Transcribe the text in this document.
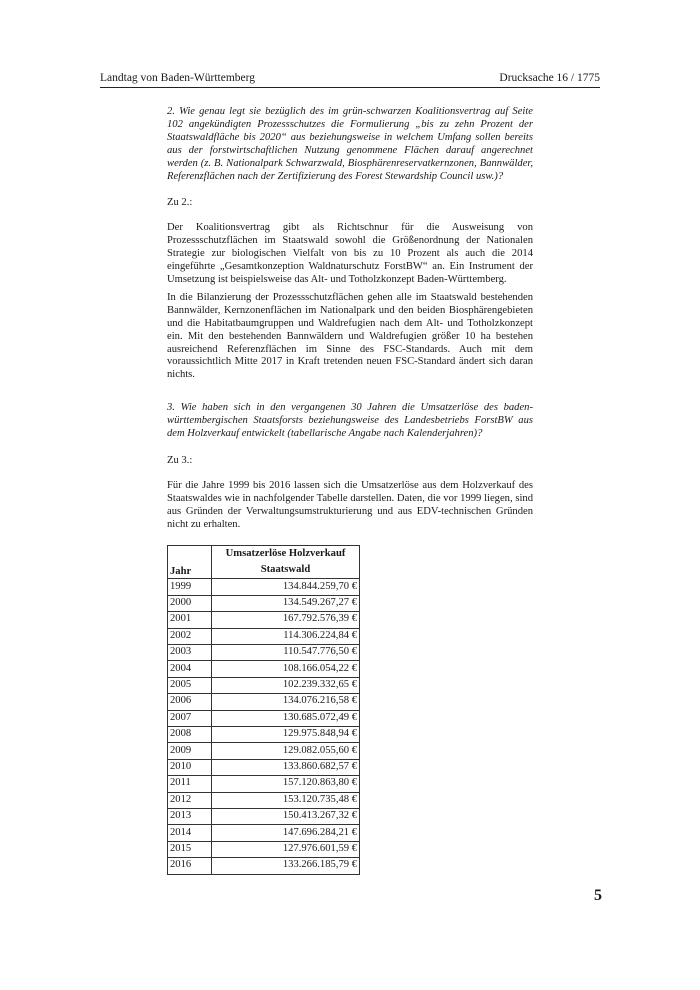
Landtag von Baden-Württemberg	Drucksache 16 / 1775

2. Wie genau legt sie bezüglich des im grün-schwarzen Koalitionsvertrag auf Seite 102 angekündigten Prozessschutzes die Formulierung „bis zu zehn Prozent der Staatswaldfläche bis 2020“ aus beziehungsweise in welchem Umfang sollen bereits aus der forstwirtschaftlichen Nutzung genommene Flächen darauf angerechnet werden (z. B. Nationalpark Schwarzwald, Biosphärenreservatkernzonen, Bannwälder, Referenzflächen nach der Zertifizierung des Forest Stewardship Council usw.)?

Zu 2.:

Der Koalitionsvertrag gibt als Richtschnur für die Ausweisung von Prozessschutzflächen im Staatswald sowohl die Größenordnung der Nationalen Strategie zur biologischen Vielfalt von bis zu 10 Prozent als auch die 2014 eingeführte „Gesamtkonzeption Waldnaturschutz ForstBW“ an. Ein Instrument der Umsetzung ist beispielsweise das Alt- und Totholzkonzept Baden-Württemberg.

In die Bilanzierung der Prozessschutzflächen gehen alle im Staatswald bestehenden Bannwälder, Kernzonenflächen im Nationalpark und den beiden Biosphärengebieten und die Habitatbaumgruppen und Waldrefugien nach dem Alt- und Totholzkonzept ein. Mit den bestehenden Bannwäldern und Waldrefugien größer 10 ha bestehen ausreichend Referenzflächen im Sinne des FSC-Standards. Auch mit dem voraussichtlich Mitte 2017 in Kraft tretenden neuen FSC-Standard ändert sich daran nichts.

3. Wie haben sich in den vergangenen 30 Jahren die Umsatzerlöse des baden-württembergischen Staatsforsts beziehungsweise des Landesbetriebs ForstBW aus dem Holzverkauf entwickelt (tabellarische Angabe nach Kalenderjahren)?

Zu 3.:

Für die Jahre 1999 bis 2016 lassen sich die Umsatzerlöse aus dem Holzverkauf des Staatswaldes wie in nachfolgender Tabelle darstellen. Daten, die vor 1999 liegen, sind aus Gründen der Verwaltungsumstrukturierung und aus EDV-technischen Gründen nicht zu erhalten.

Jahr	Umsatzerlöse Holzverkauf
Staatswald
1999	134.844.259,70 €
2000	134.549.267,27 €
2001	167.792.576,39 €
2002	114.306.224,84 €
2003	110.547.776,50 €
2004	108.166.054,22 €
2005	102.239.332,65 €
2006	134.076.216,58 €
2007	130.685.072,49 €
2008	129.975.848,94 €
2009	129.082.055,60 €
2010	133.860.682,57 €
2011	157.120.863,80 €
2012	153.120.735,48 €
2013	150.413.267,32 €
2014	147.696.284,21 €
2015	127.976.601,59 €
2016	133.266.185,79 €
5
